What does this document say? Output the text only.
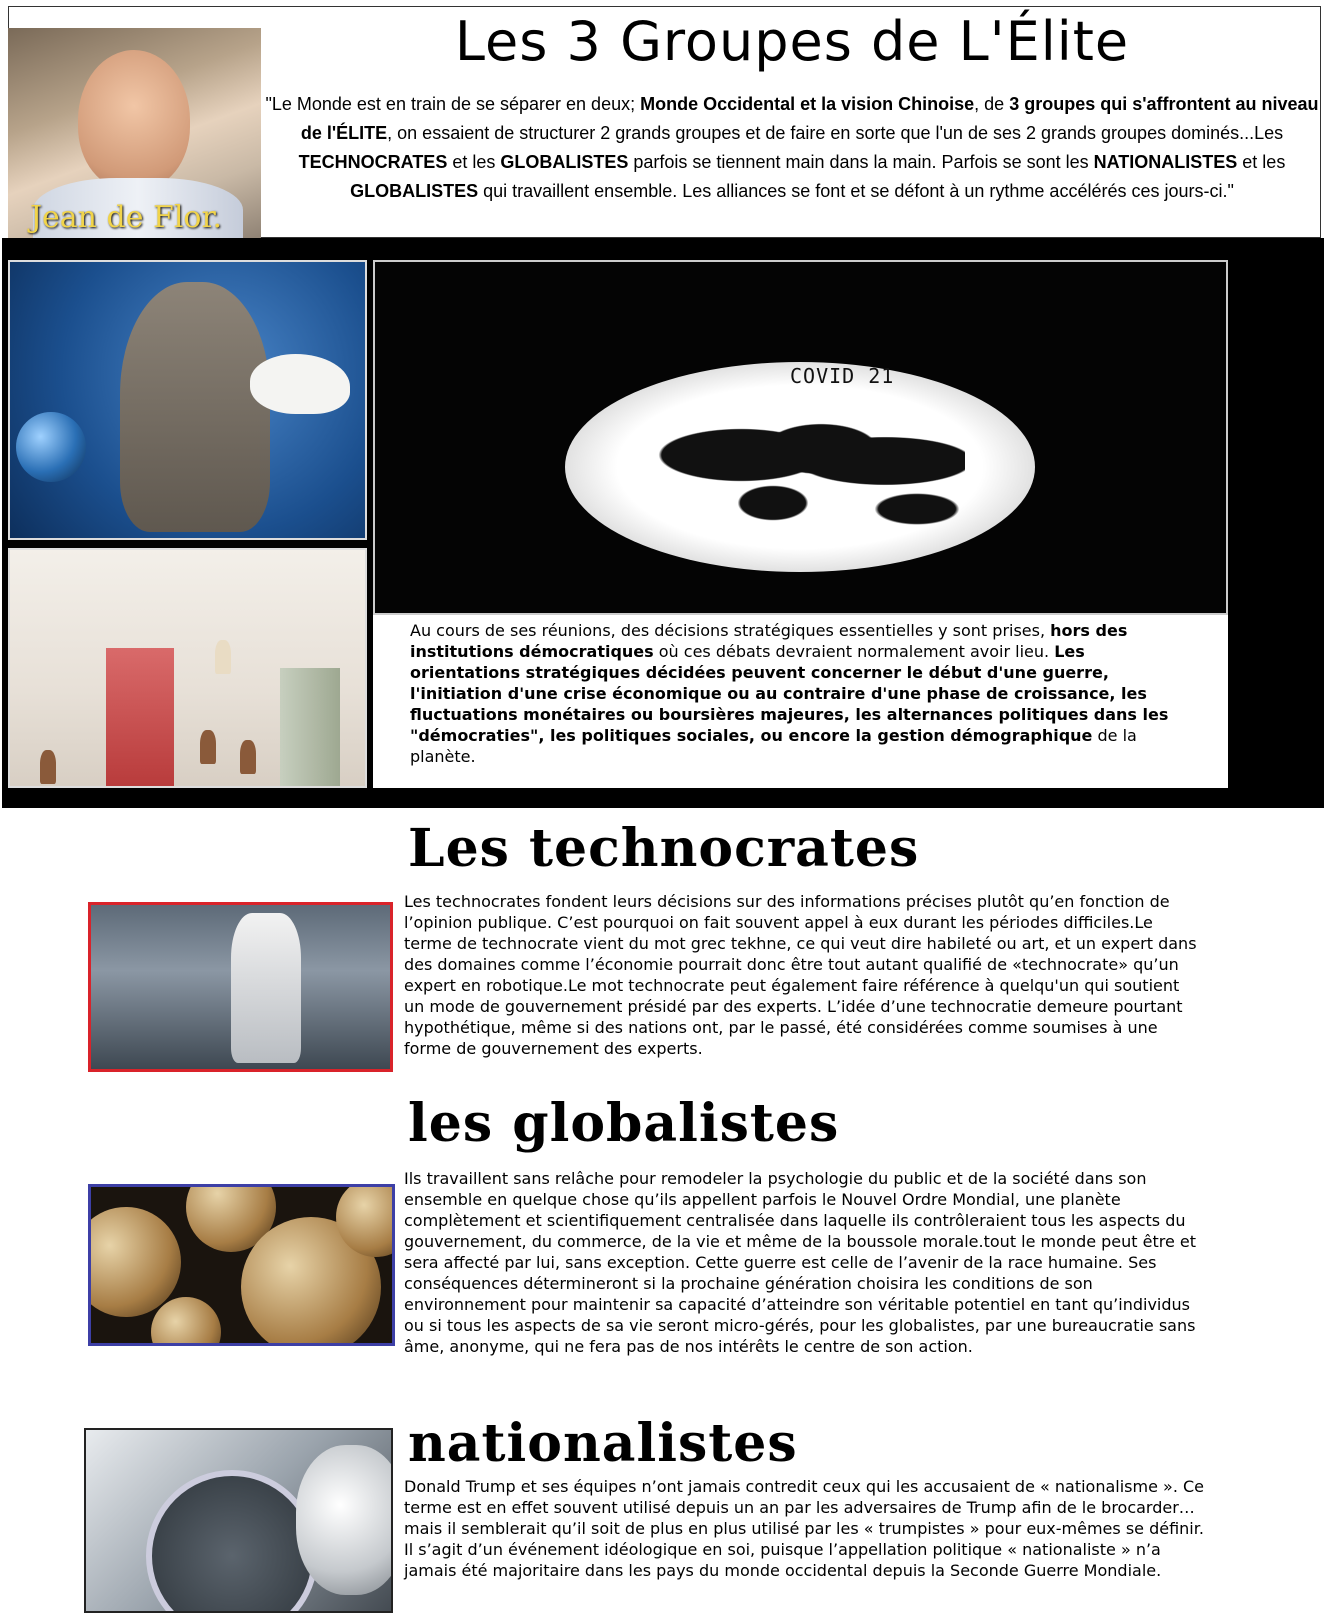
Jean de Flor.
Les 3 Groupes de L'Élite

"Le Monde est en train de se séparer en deux; Monde Occidental et la vision Chinoise, de 3 groupes qui s'affrontent au niveau de l'ÉLITE, on essaient de structurer 2 grands groupes et de faire en sorte que l'un de ses 2 grands groupes dominés...Les TECHNOCRATES et les GLOBALISTES parfois se tiennent main dans la main. Parfois se sont les NATIONALISTES et les GLOBALISTES qui travaillent ensemble. Les alliances se font et se défont à un rythme accélérés ces jours-ci."

COVID 21

Au cours de ses réunions, des décisions stratégiques essentielles y sont prises, hors des institutions démocratiques où ces débats devraient normalement avoir lieu. Les orientations stratégiques décidées peuvent concerner le début d'une guerre, l'initiation d'une crise économique ou au contraire d'une phase de croissance, les fluctuations monétaires ou boursières majeures, les alternances politiques dans les "démocraties", les politiques sociales, ou encore la gestion démographique de la planète.

Les technocrates

Les technocrates fondent leurs décisions sur des informations précises plutôt qu’en fonction de l’opinion publique. C’est pourquoi on fait souvent appel à eux durant les périodes difficiles.Le terme de technocrate vient du mot grec tekhne, ce qui veut dire habileté ou art, et un expert dans des domaines comme l’économie pourrait donc être tout autant qualifié de «technocrate» qu’un expert en robotique.Le mot technocrate peut également faire référence à quelqu'un qui soutient un mode de gouvernement présidé par des experts. L’idée d’une technocratie demeure pourtant hypothétique, même si des nations ont, par le passé, été considérées comme soumises à une forme de gouvernement des experts.

les globalistes

Ils travaillent sans relâche pour remodeler la psychologie du public et de la société dans son ensemble en quelque chose qu’ils appellent parfois le Nouvel Ordre Mondial, une planète complètement et scientifiquement centralisée dans laquelle ils contrôleraient tous les aspects du gouvernement, du commerce, de la vie et même de la boussole morale.tout le monde peut être et sera affecté par lui, sans exception. Cette guerre est celle de l’avenir de la race humaine. Ses conséquences détermineront si la prochaine génération choisira les conditions de son environnement pour maintenir sa capacité d’atteindre son véritable potentiel en tant qu’individus ou si tous les aspects de sa vie seront micro-gérés, pour les globalistes, par une bureaucratie sans âme, anonyme, qui ne fera pas de nos intérêts le centre de son action.

nationalistes

Donald Trump et ses équipes n’ont jamais contredit ceux qui les accusaient de « nationalisme ». Ce terme est en effet souvent utilisé depuis un an par les adversaires de Trump afin de le brocarder… mais il semblerait qu’il soit de plus en plus utilisé par les « trumpistes » pour eux-mêmes se définir. Il s’agit d’un événement idéologique en soi, puisque l’appellation politique « nationaliste » n’a jamais été majoritaire dans les pays du monde occidental depuis la Seconde Guerre Mondiale.
